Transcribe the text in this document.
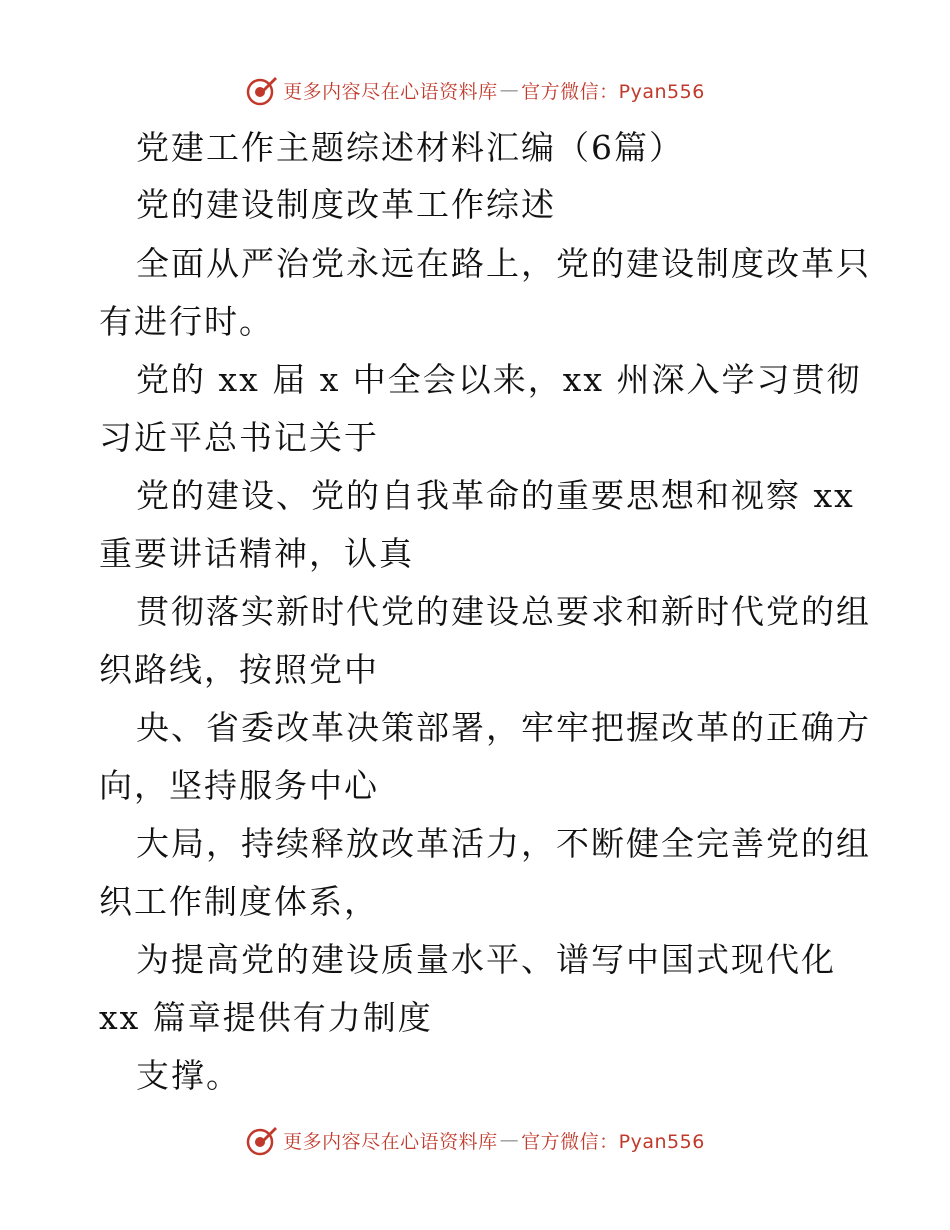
更多内容尽在心语资料库 — 官方微信：Pyan556
党建工作主题综述材料汇编（6篇）
党的建设制度改革工作综述
全面从严治党永远在路上，党的建设制度改革只
有进行时。
党的 xx 届 x 中全会以来，xx 州深入学习贯彻
习近平总书记关于
党的建设、党的自我革命的重要思想和视察 xx
重要讲话精神，认真
贯彻落实新时代党的建设总要求和新时代党的组
织路线，按照党中
央、省委改革决策部署，牢牢把握改革的正确方
向，坚持服务中心
大局，持续释放改革活力，不断健全完善党的组
织工作制度体系，
为提高党的建设质量水平、谱写中国式现代化
xx 篇章提供有力制度
支撑。
更多内容尽在心语资料库 — 官方微信：Pyan556
